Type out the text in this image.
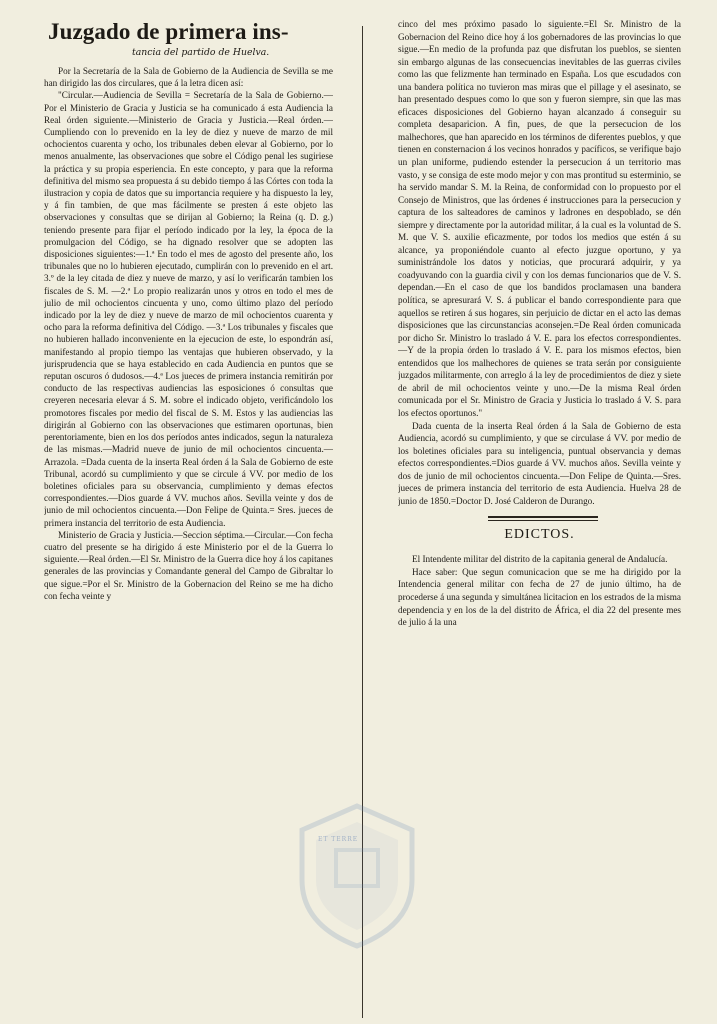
Juzgado de primera ins-
tancia del partido de Huelva.

Por la Secretaría de la Sala de Gobierno de la Audiencia de Sevilla se me han dirigido las dos circulares, que á la letra dicen así:

"Circular.—Audiencia de Sevilla = Secretaría de la Sala de Gobierno.—Por el Ministerio de Gracia y Justicia se ha comunicado á esta Audiencia la Real órden siguiente.—Ministerio de Gracia y Justicia.—Real órden.—Cumpliendo con lo prevenido en la ley de diez y nueve de marzo de mil ochocientos cuarenta y ocho, los tribunales deben elevar al Gobierno, por lo menos anualmente, las observaciones que sobre el Código penal les sugiriese la práctica y su propia esperiencia. En este concepto, y para que la reforma definitiva del mismo sea propuesta á su debido tiempo á las Córtes con toda la ilustracion y copia de datos que su importancia requiere y ha dispuesto la ley, y á fin tambien, de que mas fácilmente se presten á este objeto las observaciones y consultas que se dirijan al Gobierno; la Reina (q. D. g.) teniendo presente para fijar el período indicado por la ley, la época de la promulgacion del Código, se ha dignado resolver que se adopten las disposiciones siguientes:—1.ª En todo el mes de agosto del presente año, los tribunales que no lo hubieren ejecutado, cumplirán con lo prevenido en el art. 3.º de la ley citada de diez y nueve de marzo, y así lo verificarán tambien los fiscales de S. M. —2.ª Lo propio realizarán unos y otros en todo el mes de julio de mil ochocientos cincuenta y uno, como último plazo del período indicado por la ley de diez y nueve de marzo de mil ochocientos cuarenta y ocho para la reforma definitiva del Código. —3.ª Los tribunales y fiscales que no hubieren hallado inconveniente en la ejecucion de este, lo espondrán así, manifestando al propio tiempo las ventajas que hubieren observado, y la jurisprudencia que se haya establecido en cada Audiencia en puntos que se reputan oscuros ó dudosos.—4.ª Los jueces de primera instancia remitirán por conducto de las respectivas audiencias las esposiciones ó consultas que creyeren necesaria elevar á S. M. sobre el indicado objeto, verificándolo los promotores fiscales por medio del fiscal de S. M. Estos y las audiencias las dirigirán al Gobierno con las observaciones que estimaren oportunas, bien perentoriamente, bien en los dos períodos antes indicados, segun la naturaleza de las mismas.—Madrid nueve de junio de mil ochocientos cincuenta.—Arrazola. =Dada cuenta de la inserta Real órden á la Sala de Gobierno de este Tribunal, acordó su cumplimiento y que se circule á VV. por medio de los boletines oficiales para su observancia, cumplimiento y demas efectos correspondientes.—Dios guarde á VV. muchos años. Sevilla veinte y dos de junio de mil ochocientos cincuenta.—Don Felipe de Quinta.= Sres. jueces de primera instancia del territorio de esta Audiencia.

Ministerio de Gracia y Justicia.—Seccion séptima.—Circular.—Con fecha cuatro del presente se ha dirigido á este Ministerio por el de la Guerra lo siguiente.—Real órden.—El Sr. Ministro de la Guerra dice hoy á los capitanes generales de las provincias y Comandante general del Campo de Gibraltar lo que sigue.=Por el Sr. Ministro de la Gobernacion del Reino se me ha dicho con fecha veinte y

cinco del mes próximo pasado lo siguiente.=El Sr. Ministro de la Gobernacion del Reino dice hoy á los gobernadores de las provincias lo que sigue.—En medio de la profunda paz que disfrutan los pueblos, se sienten sin embargo algunas de las consecuencias inevitables de las guerras civiles como las que felizmente han terminado en España. Los que escudados con una bandera política no tuvieron mas miras que el pillage y el asesinato, se han presentado despues como lo que son y fueron siempre, sin que las mas eficaces disposiciones del Gobierno hayan alcanzado á conseguir su completa desaparicion. A fin, pues, de que la persecucion de los malhechores, que han aparecido en los términos de diferentes pueblos, y que tienen en consternacion á los vecinos honrados y pacíficos, se verifique bajo un plan uniforme, pudiendo estender la persecucion á un territorio mas vasto, y se consiga de este modo mejor y con mas prontitud su esterminio, se ha servido mandar S. M. la Reina, de conformidad con lo propuesto por el Consejo de Ministros, que las órdenes é instrucciones para la persecucion y captura de los salteadores de caminos y ladrones en despoblado, se dén siempre y directamente por la autoridad militar, á la cual es la voluntad de S. M. que V. S. auxilie eficazmente, por todos los medios que estén á su alcance, ya proponiéndole cuanto al efecto juzgue oportuno, y ya suministrándole los datos y noticias, que procurará adquirir, y ya coadyuvando con la guardia civil y con los demas funcionarios que de V. S. dependan.—En el caso de que los bandidos proclamasen una bandera política, se apresurará V. S. á publicar el bando correspondiente para que aquellos se retiren á sus hogares, sin perjuicio de dictar en el acto las demas disposiciones que las circunstancias aconsejen.=De Real órden comunicada por dicho Sr. Ministro lo traslado á V. E. para los efectos correspondientes.—Y de la propia órden lo traslado á V. E. para los mismos efectos, bien entendidos que los malhechores de quienes se trata serán por consiguiente juzgados militarmente, con arreglo á la ley de procedimientos de diez y siete de abril de mil ochocientos veinte y uno.—De la misma Real órden comunicada por el Sr. Ministro de Gracia y Justicia lo traslado á V. S. para los efectos oportunos."

Dada cuenta de la inserta Real órden á la Sala de Gobierno de esta Audiencia, acordó su cumplimiento, y que se circulase á VV. por medio de los boletines oficiales para su inteligencia, puntual observancia y demas efectos correspondientes.=Dios guarde á VV. muchos años. Sevilla veinte y dos de junio de mil ochocientos cincuenta.—Don Felipe de Quinta.—Sres. jueces de primera instancia del territorio de esta Audiencia. Huelva 28 de junio de 1850.=Doctor D. José Calderon de Durango.

EDICTOS.

El Intendente militar del distrito de la capitania general de Andalucía.

Hace saber: Que segun comunicacion que se me ha dirigido por la Intendencia general militar con fecha de 27 de junio último, ha de procederse á una segunda y simultánea licitacion en los estrados de la misma dependencia y en los de la del distrito de África, el dia 22 del presente mes de julio á la una

ET TERRE
